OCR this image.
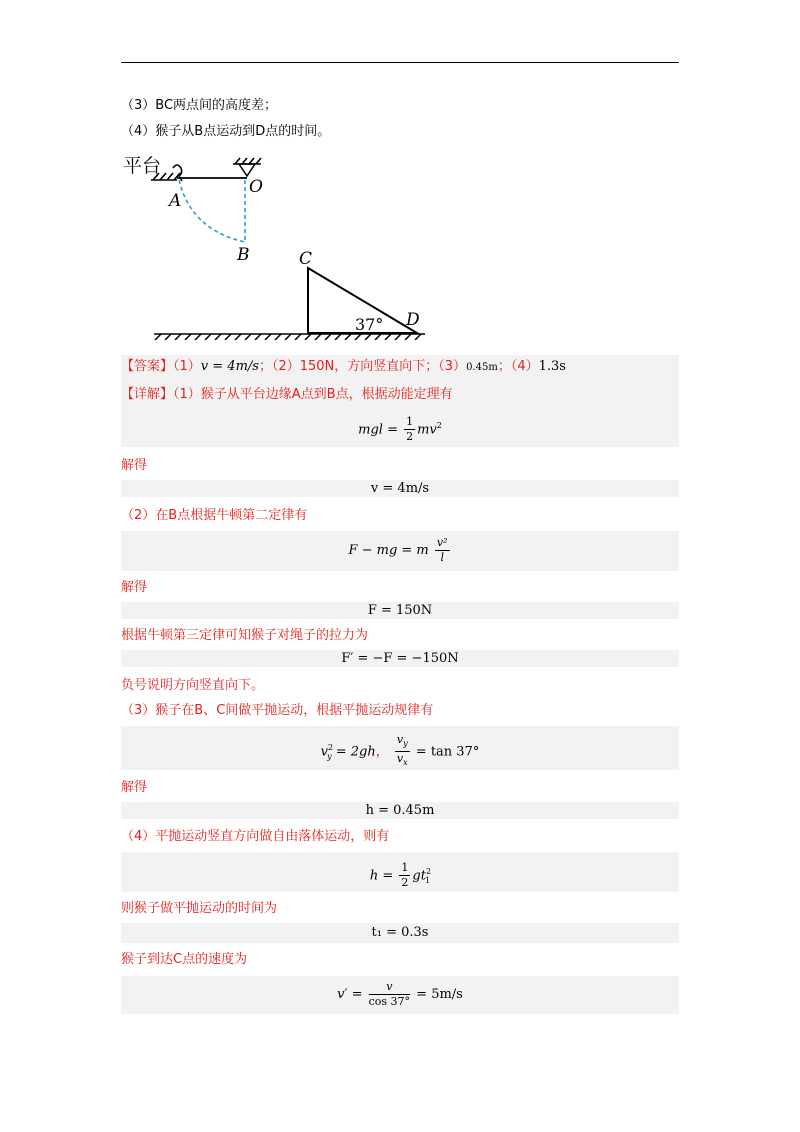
（3）BC两点间的高度差；
（4）猴子从B点运动到D点的时间。
平台
A
O
B	C
D
37°
【答案】（1）v = 4m/s；（2）150N，方向竖直向下；（3）0.45m；（4）1.3s
【详解】（1）猴子从平台边缘A点到B点，根据动能定理有
mgl = $\frac{1}{2} mv^2$
解得
v = 4m/s
（2）在B点根据牛顿第二定律有
F − mg = m $\frac{\text{v²}}{l}$
解得
F = 150N
根据牛顿第三定律可知猴子对绳子的拉力为
F′ = −F = −150N
负号说明方向竖直向下。
（3）猴子在B、C间做平抛运动，根据平抛运动规律有
$v^2_y = 2gh$， $\frac{v_y}{v_x} = \tan 37^\circ$
解得
h = 0.45m
（4）平抛运动竖直方向做自由落体运动，则有
$h = \frac{1}{2} gt^2_1$
则猴子做平抛运动的时间为
t₁ = 0.3s
猴子到达C点的速度为
$v' = \frac{v}{\cos 37^\circ} = 5m/s$
